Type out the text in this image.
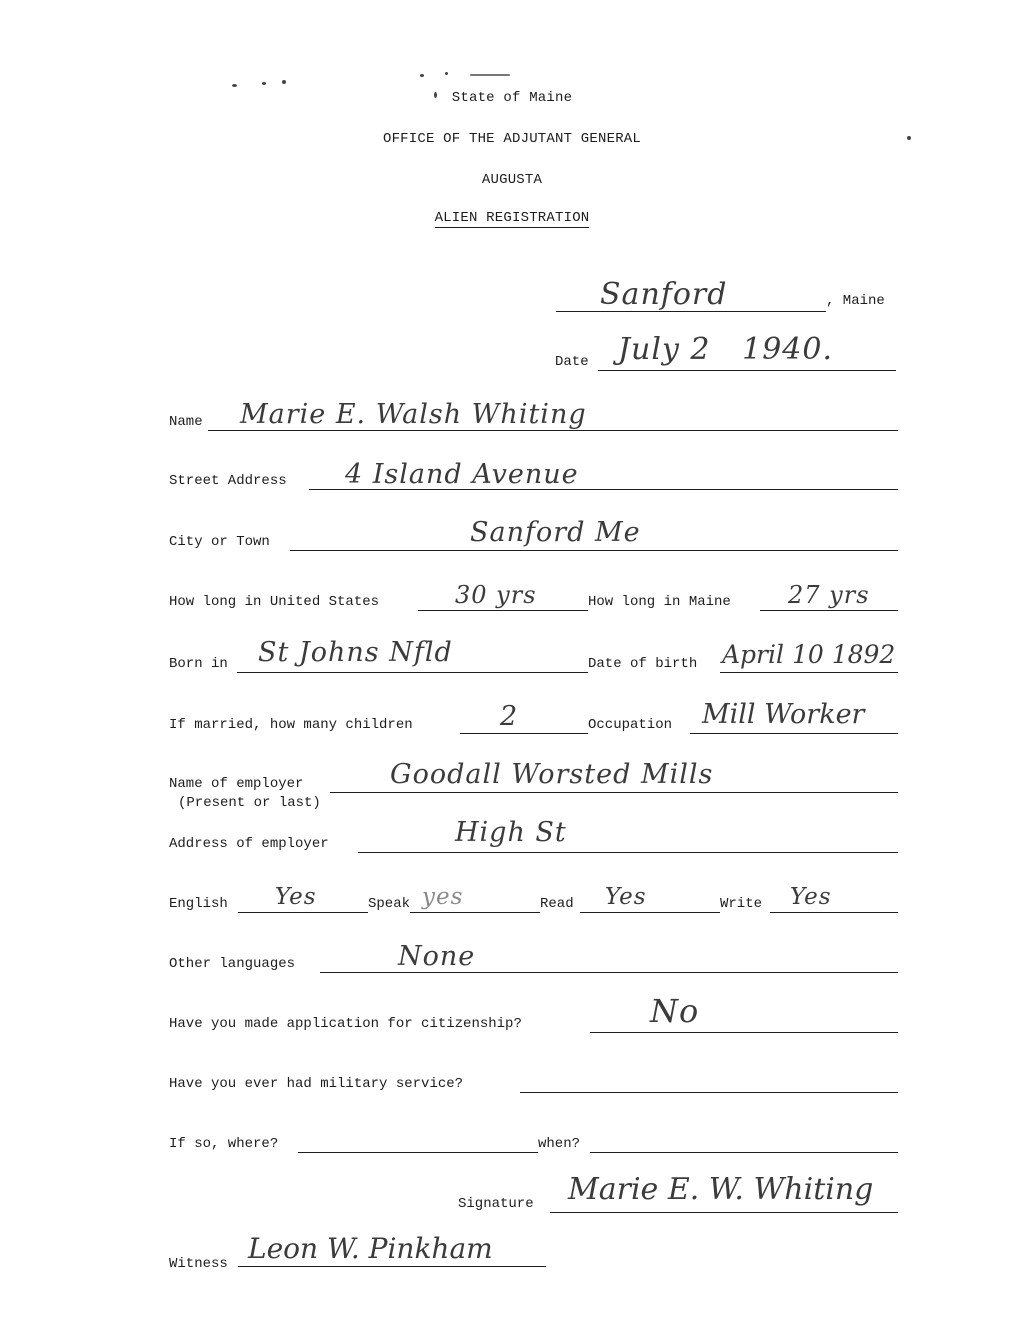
State of Maine
OFFICE OF THE ADJUTANT GENERAL
AUGUSTA
ALIEN REGISTRATION
Sanford	, Maine
Date July 2   1940.
Name Marie E. Walsh Whiting
Street Address 4 Island Avenue
City or Town	Sanford Me
How long in United States	30 yrs	How long in Maine 27 yrs
Born in St Johns Nfld	Date of birth April 10 1892
If married, how many children	2	Occupation Mill Worker
Name of employer
(Present or last)
Goodall Worsted Mills
Address of employer	High St
English Yes	Speak yes	Read Yes	Write Yes
Other languages	None
Have you made application for citizenship?	No
Have you ever had military service?
If so, where?	when?
Signature Marie E. W. Whiting
Witness Leon W. Pinkham
